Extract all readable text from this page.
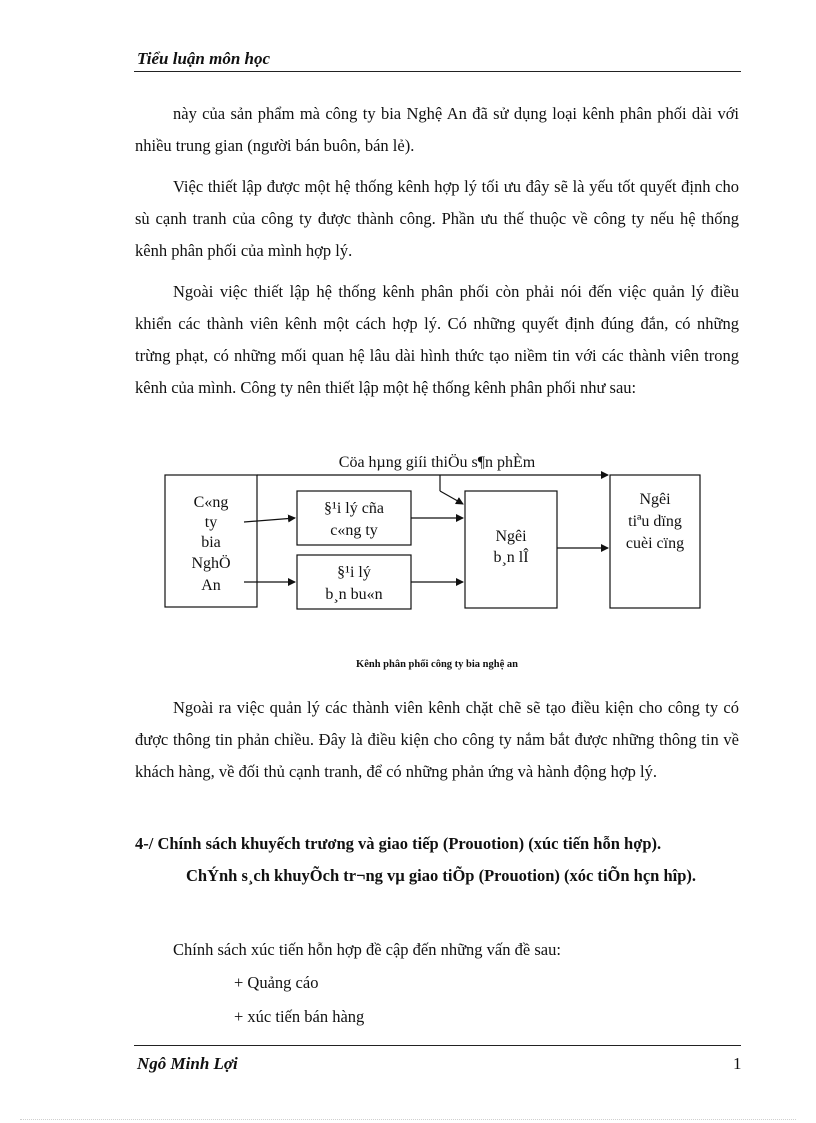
Tiểu luận môn học
này của sản phẩm mà công ty bia Nghệ An đã sử dụng loại kênh phân phối dài với nhiều trung gian (người bán buôn, bán lẻ).
Việc thiết lập được một hệ thống kênh hợp lý tối ưu đây sẽ là yếu tốt quyết định cho sù cạnh tranh của công ty được thành công. Phần ưu thế thuộc về công ty nếu hệ thống kênh phân phối của mình hợp lý.
Ngoài việc thiết lập hệ thống kênh phân phối còn phải nói đến việc quản lý điều khiển các thành viên kênh một cách hợp lý. Có những quyết định đúng đắn, có những trừng phạt, có những mối quan hệ lâu dài hình thức tạo niềm tin với các thành viên trong kênh của mình. Công ty nên thiết lập một hệ thống kênh phân phối như sau:
Cöa hµng giíi thiÖu s¶n phÈm
C«ng
ty
bia
NghÖ
An
§¹i lý cña
c«ng ty
§¹i lý
b¸n bu«n
Ngêi
b¸n lÎ
Ngêi
tiªu dïng
cuèi cïng
Kênh phân phối công ty bia nghệ an
Ngoài ra việc quản lý các thành viên kênh chặt chẽ sẽ tạo điều kiện cho công ty có được thông tin phản chiều. Đây là điều kiện cho công ty nắm bắt được những thông tin về khách hàng, về đối thủ cạnh tranh, để có những phản ứng và hành động hợp lý.
4-/ Chính sách khuyếch trương và giao tiếp (Prouotion) (xúc tiến hỗn hợp).
ChÝnh s¸ch khuyÕch tr¬ng vµ giao tiÕp (Prouotion) (xóc tiÕn hçn hîp).
Chính sách xúc tiến hỗn hợp đề cập đến những vấn đề sau:
+ Quảng cáo
+ xúc tiến bán hàng
Ngô Minh Lợi	1
